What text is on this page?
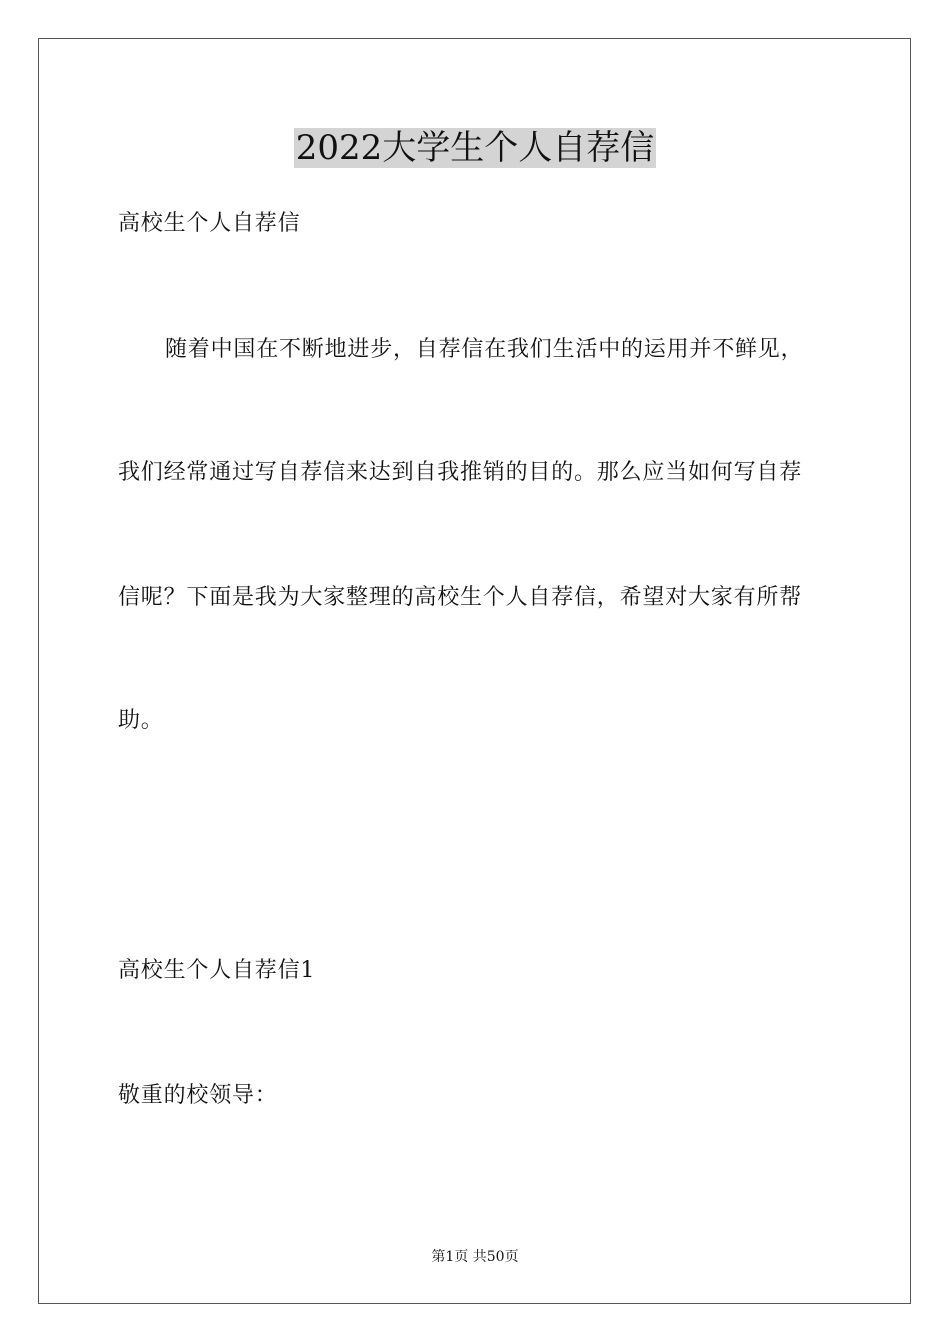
2022大学生个人自荐信
高校生个人自荐信
随着中国在不断地进步，自荐信在我们生活中的运用并不鲜见，
我们经常通过写自荐信来达到自我推销的目的。那么应当如何写自荐
信呢？下面是我为大家整理的高校生个人自荐信，希望对大家有所帮
助。
高校生个人自荐信1
敬重的校领导：
第1页 共50页
